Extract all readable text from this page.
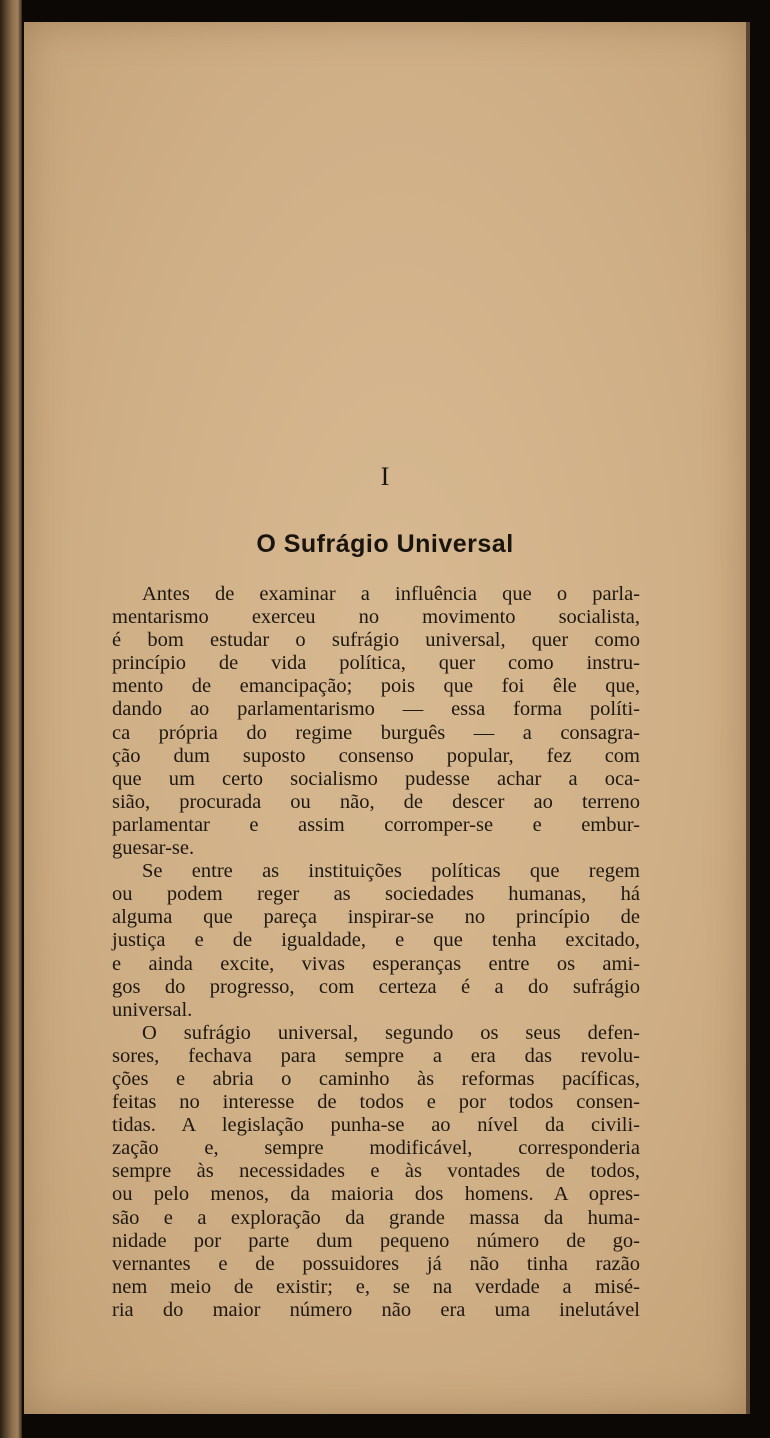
I
O Sufrágio Universal
Antes de examinar a influência que o parla-
mentarismo exerceu no movimento socialista,
é bom estudar o sufrágio universal, quer como
princípio de vida política, quer como instru-
mento de emancipação; pois que foi êle que,
dando ao parlamentarismo — essa forma políti-
ca própria do regime burguês — a consagra-
ção dum suposto consenso popular, fez com
que um certo socialismo pudesse achar a oca-
sião, procurada ou não, de descer ao terreno
parlamentar e assim corromper-se e embur-
guesar-se.
Se entre as instituições políticas que regem
ou podem reger as sociedades humanas, há
alguma que pareça inspirar-se no princípio de
justiça e de igualdade, e que tenha excitado,
e ainda excite, vivas esperanças entre os ami-
gos do progresso, com certeza é a do sufrágio
universal.
O sufrágio universal, segundo os seus defen-
sores, fechava para sempre a era das revolu-
ções e abria o caminho às reformas pacíficas,
feitas no interesse de todos e por todos consen-
tidas. A legislação punha-se ao nível da civili-
zação e, sempre modificável, corresponderia
sempre às necessidades e às vontades de todos,
ou pelo menos, da maioria dos homens. A opres-
são e a exploração da grande massa da huma-
nidade por parte dum pequeno número de go-
vernantes e de possuidores já não tinha razão
nem meio de existir; e, se na verdade a misé-
ria do maior número não era uma inelutável
